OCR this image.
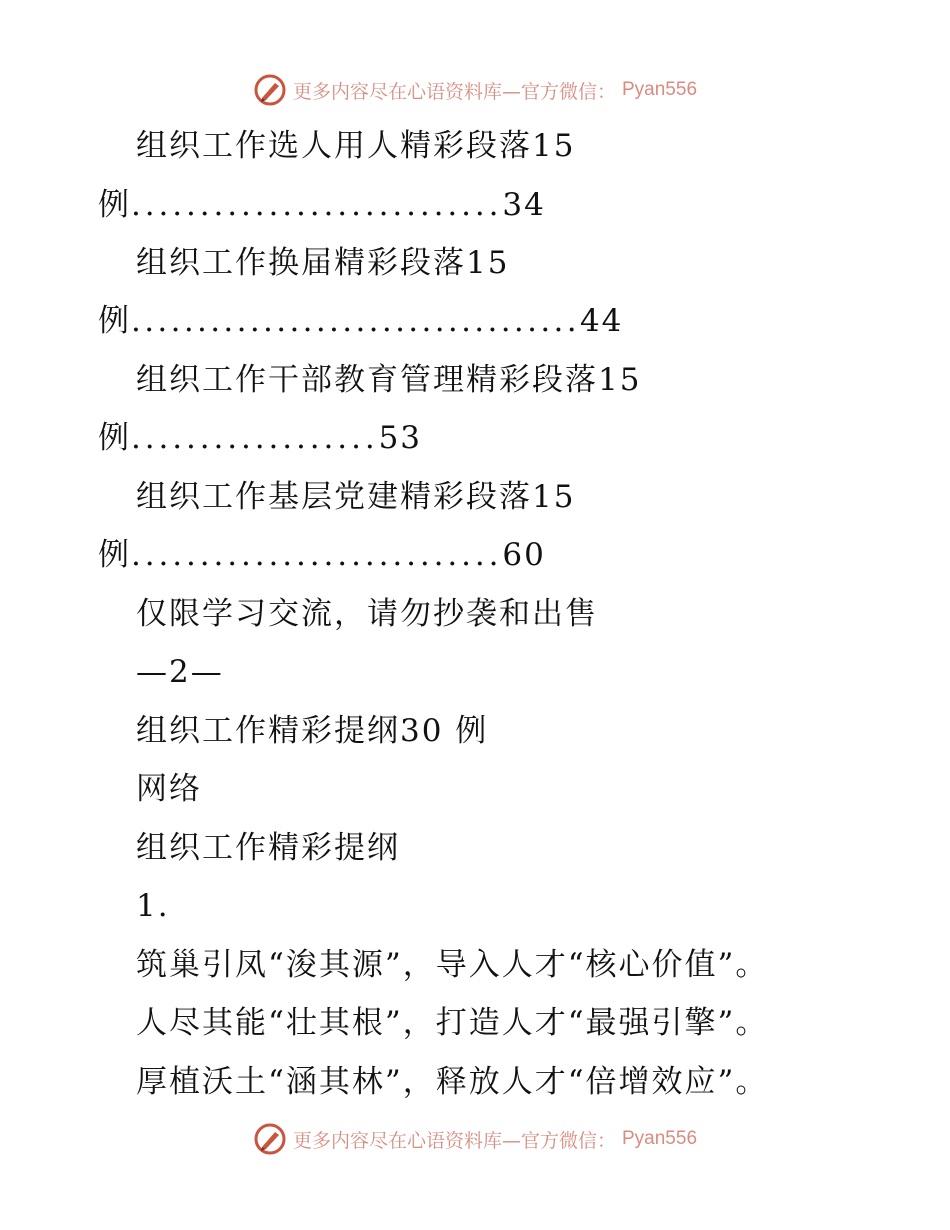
更多内容尽在心语资料库—官方微信： Pyan556
组织工作选人用人精彩段落15
例...........................34
组织工作换届精彩段落15
例..................................44
组织工作干部教育管理精彩段落15
例..................53
组织工作基层党建精彩段落15
例...........................60
仅限学习交流，请勿抄袭和出售
—2—
组织工作精彩提纲30 例
网络
组织工作精彩提纲
1.
筑巢引凤“浚其源”，导入人才“核心价值”。
人尽其能“壮其根”，打造人才“最强引擎”。
厚植沃土“涵其林”，释放人才“倍增效应”。
更多内容尽在心语资料库—官方微信： Pyan556
